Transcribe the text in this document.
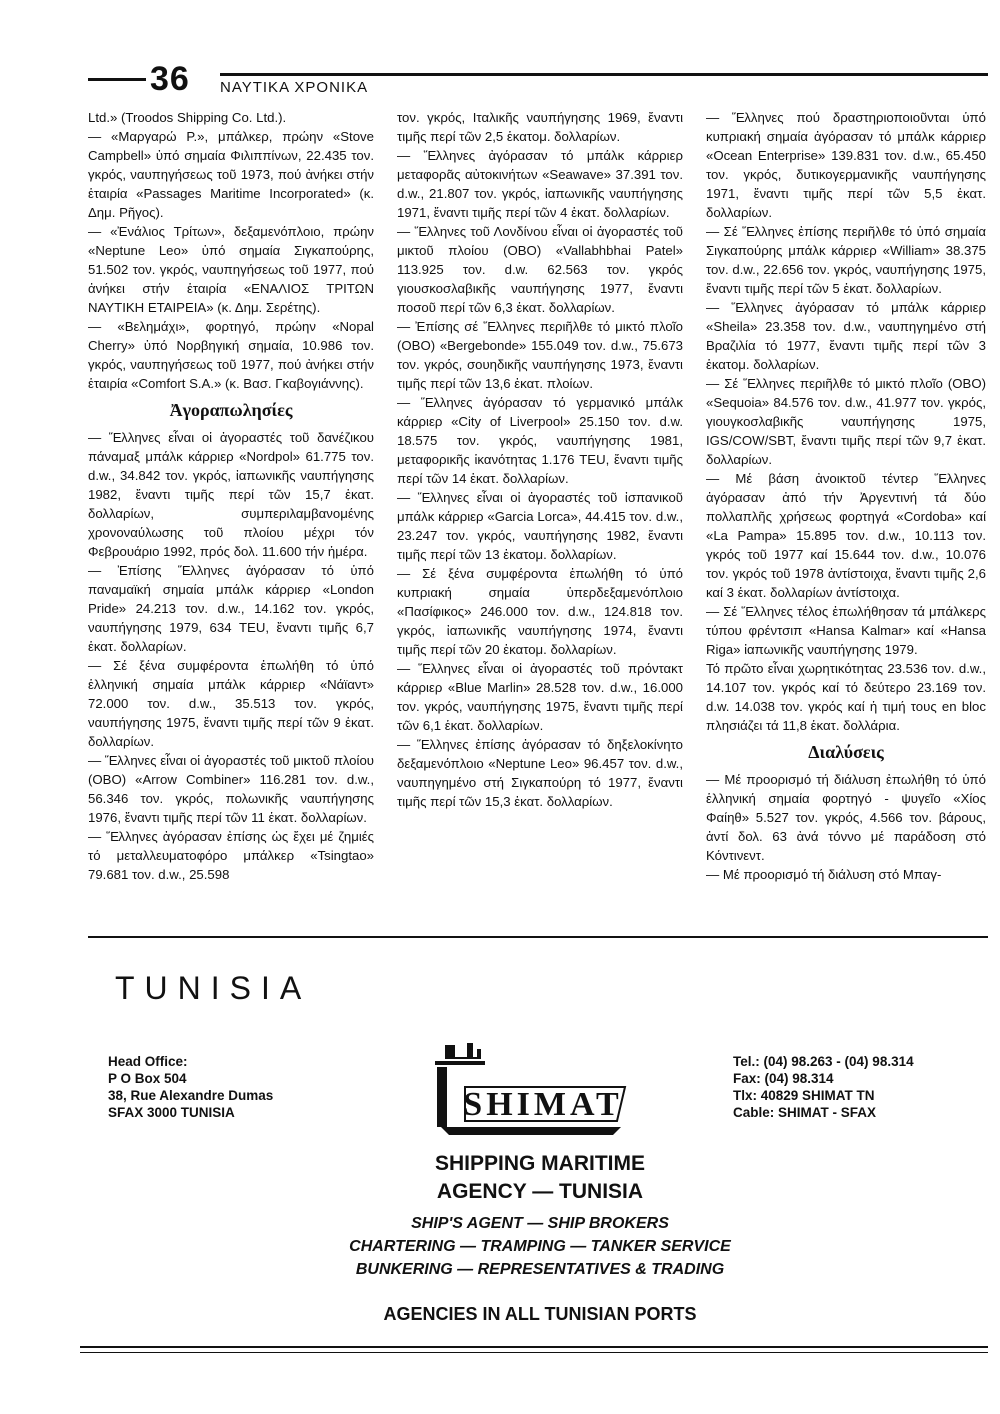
36 ΝΑΥΤΙΚΑ ΧΡΟΝΙΚΑ

Ltd.» (Troodos Shipping Co. Ltd.).

— «Μαργαρώ Ρ.», μπάλκερ, πρώην «Stove Campbell» ὑπό σημαία Φιλιππίνων, 22.435 τον. γκρός, ναυπηγήσεως τοῦ 1973, πού ἀνήκει στήν ἑταιρία «Passages Maritime Incorporated» (κ. Δημ. Ρῆγος).

— «Ἐνάλιος Τρίτων», δεξαμενόπλοιο, πρώην «Neptune Leo» ὑπό σημαία Σιγκαπούρης, 51.502 τον. γκρός, ναυπηγήσεως τοῦ 1977, πού ἀνήκει στήν ἑταιρία «ΕΝΑΛΙΟΣ ΤΡΙΤΩΝ ΝΑΥΤΙΚΗ ΕΤΑΙΡΕΙΑ» (κ. Δημ. Σερέτης).

— «Βελημάχι», φορτηγό, πρώην «Nopal Cherry» ὑπό Νορβηγική σημαία, 10.986 τον. γκρός, ναυπηγήσεως τοῦ 1977, πού ἀνήκει στήν ἑταιρία «Comfort S.A.» (κ. Βασ. Γκαβογιάννης).

Ἀγοραπωλησίες

— Ἕλληνες εἶναι οἱ ἀγοραστές τοῦ δανέζικου πάναμαξ μπάλκ κάρριερ «Nordpol» 61.775 τον. d.w., 34.842 τον. γκρός, ἰαπωνικῆς ναυπήγησης 1982, ἔναντι τιμῆς περί τῶν 15,7 ἑκατ. δολλαρίων, συμπεριλαμβανομένης χρονοναύλωσης τοῦ πλοίου μέχρι τόν Φεβρουάριο 1992, πρός δολ. 11.600 τήν ἡμέρα.

— Ἐπίσης Ἕλληνες ἀγόρασαν τό ὑπό παναμαϊκή σημαία μπάλκ κάρριερ «London Pride» 24.213 τον. d.w., 14.162 τον. γκρός, ναυπήγησης 1979, 634 TEU, ἔναντι τιμῆς 6,7 ἑκατ. δολλαρίων.

— Σέ ξένα συμφέροντα ἐπωλήθη τό ὑπό ἑλληνική σημαία μπάλκ κάρριερ «Νάϊαντ» 72.000 τον. d.w., 35.513 τον. γκρός, ναυπήγησης 1975, ἔναντι τιμῆς περί τῶν 9 ἑκατ. δολλαρίων.

— Ἕλληνες εἶναι οἱ ἀγοραστές τοῦ μικτοῦ πλοίου (OBO) «Arrow Combiner» 116.281 τον. d.w., 56.346 τον. γκρός, πολωνικῆς ναυπήγησης 1976, ἔναντι τιμῆς περί τῶν 11 ἑκατ. δολλαρίων.

— Ἕλληνες ἀγόρασαν ἐπίσης ὡς ἔχει μέ ζημιές τό μεταλλευματοφόρο μπάλκερ «Tsingtao» 79.681 τον. d.w., 25.598

τον. γκρός, Ιταλικῆς ναυπήγησης 1969, ἔναντι τιμῆς περί τῶν 2,5 ἑκατομ. δολλαρίων.

— Ἕλληνες ἀγόρασαν τό μπάλκ κάρριερ μεταφορᾶς αὐτοκινήτων «Seawave» 37.391 τον. d.w., 21.807 τον. γκρός, ἰαπωνικῆς ναυπήγησης 1971, ἔναντι τιμῆς περί τῶν 4 ἑκατ. δολλαρίων.

— Ἕλληνες τοῦ Λονδίνου εἶναι οἱ ἀγοραστές τοῦ μικτοῦ πλοίου (OBO) «Vallabhbhai Patel» 113.925 τον. d.w. 62.563 τον. γκρός γιουσκοσλαβικῆς ναυπήγησης 1977, ἔναντι ποσοῦ περί τῶν 6,3 ἑκατ. δολλαρίων.

— Ἐπίσης σέ Ἕλληνες περιῆλθε τό μικτό πλοῖο (OBO) «Bergebonde» 155.049 τον. d.w., 75.673 τον. γκρός, σουηδικῆς ναυπήγησης 1973, ἔναντι τιμῆς περί τῶν 13,6 ἑκατ. πλοίων.

— Ἕλληνες ἀγόρασαν τό γερμανικό μπάλκ κάρριερ «City of Liverpool» 25.150 τον. d.w. 18.575 τον. γκρός, ναυπήγησης 1981, μεταφορικῆς ἱκανότητας 1.176 TEU, ἔναντι τιμῆς περί τῶν 14 ἑκατ. δολλαρίων.

— Ἕλληνες εἶναι οἱ ἀγοραστές τοῦ ἰσπανικοῦ μπάλκ κάρριερ «Garcia Lorca», 44.415 τον. d.w., 23.247 τον. γκρός, ναυπήγησης 1982, ἔναντι τιμῆς περί τῶν 13 ἑκατομ. δολλαρίων.

— Σέ ξένα συμφέροντα ἐπωλήθη τό ὑπό κυπριακή σημαία ὑπερδεξαμενόπλοιο «Πασίφικος» 246.000 τον. d.w., 124.818 τον. γκρός, ἰαπωνικῆς ναυπήγησης 1974, ἔναντι τιμῆς περί τῶν 20 ἑκατομ. δολλαρίων.

— Ἕλληνες εἶναι οἱ ἀγοραστές τοῦ πρόντακτ κάρριερ «Blue Marlin» 28.528 τον. d.w., 16.000 τον. γκρός, ναυπήγησης 1975, ἔναντι τιμῆς περί τῶν 6,1 ἑκατ. δολλαρίων.

— Ἕλληνες ἐπίσης ἀγόρασαν τό δηξελοκίνητο δεξαμενόπλοιο «Neptune Leo» 96.457 τον. d.w., ναυπηγημένο στή Σιγκαπούρη τό 1977, ἔναντι τιμῆς περί τῶν 15,3 ἑκατ. δολλαρίων.

— Ἕλληνες πού δραστηριοποιοῦνται ὑπό κυπριακή σημαία ἀγόρασαν τό μπάλκ κάρριερ «Ocean Enterprise» 139.831 τον. d.w., 65.450 τον. γκρός, δυτικογερμανικῆς ναυπήγησης 1971, ἔναντι τιμῆς περί τῶν 5,5 ἑκατ. δολλαρίων.

— Σέ Ἕλληνες ἐπίσης περιῆλθε τό ὑπό σημαία Σιγκαπούρης μπάλκ κάρριερ «William» 38.375 τον. d.w., 22.656 τον. γκρός, ναυπήγησης 1975, ἔναντι τιμῆς περί τῶν 5 ἑκατ. δολλαρίων.

— Ἕλληνες ἀγόρασαν τό μπάλκ κάρριερ «Sheila» 23.358 τον. d.w., ναυπηγημένο στή Βραζιλία τό 1977, ἔναντι τιμῆς περί τῶν 3 ἑκατομ. δολλαρίων.

— Σέ Ἕλληνες περιῆλθε τό μικτό πλοῖο (OBO) «Sequoia» 84.576 τον. d.w., 41.977 τον. γκρός, γιουγκοσλαβικῆς ναυπήγησης 1975, IGS/COW/SBT, ἔναντι τιμῆς περί τῶν 9,7 ἑκατ. δολλαρίων.

— Μέ βάση ἀνοικτοῦ τέντερ Ἕλληνες ἀγόρασαν ἀπό τήν Ἀργεντινή τά δύο πολλαπλῆς χρήσεως φορτηγά «Cordoba» καί «La Pampa» 15.895 τον. d.w., 10.113 τον. γκρός τοῦ 1977 καί 15.644 τον. d.w., 10.076 τον. γκρός τοῦ 1978 ἀντίστοιχα, ἔναντι τιμῆς 2,6 καί 3 ἑκατ. δολλαρίων ἀντίστοιχα.

— Σέ Ἕλληνες τέλος ἐπωλήθησαν τά μπάλκερς τύπου φρέντσιπ «Hansa Kalmar» καί «Hansa Riga» ἰαπωνικῆς ναυπήγησης 1979.

Τό πρῶτο εἶναι χωρητικότητας 23.536 τον. d.w., 14.107 τον. γκρός καί τό δεύτερο 23.169 τον. d.w. 14.038 τον. γκρός καί ἡ τιμή τους en bloc πλησιάζει τά 11,8 ἑκατ. δολλάρια.

Διαλύσεις

— Μέ προορισμό τή διάλυση ἐπωλήθη τό ὑπό ἑλληνική σημαία φορτηγό - ψυγεῖο «Χίος Φαίηθ» 5.527 τον. γκρός, 4.566 τον. βάρους, ἀντί δολ. 63 ἀνά τόννο μέ παράδοση στό Κόντινεντ.

— Μέ προορισμό τή διάλυση στό Μπαγ-

TUNISIA
Head Office:
P O Box 504
38, Rue Alexandre Dumas
SFAX 3000 TUNISIA	SHIMAT
Tel.: (04) 98.263 - (04) 98.314
Fax: (04) 98.314
Tlx: 40829 SHIMAT TN
Cable: SHIMAT - SFAX
SHIPPING MARITIME
AGENCY — TUNISIA
SHIP'S AGENT — SHIP BROKERS
CHARTERING — TRAMPING — TANKER SERVICE
BUNKERING — REPRESENTATIVES & TRADING
AGENCIES IN ALL TUNISIAN PORTS
